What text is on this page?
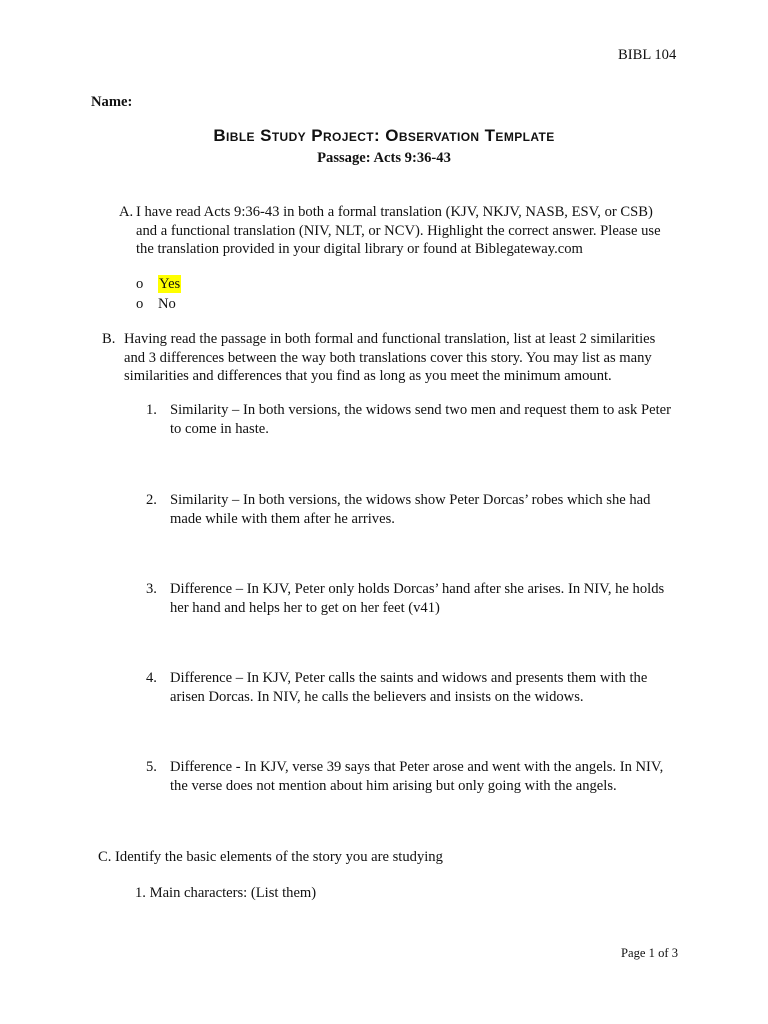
BIBL 104
Name:
Bible Study Project: Observation Template
Passage: Acts 9:36-43
A. I have read Acts 9:36-43 in both a formal translation (KJV, NKJV, NASB, ESV, or CSB) and a functional translation (NIV, NLT, or NCV). Highlight the correct answer. Please use the translation provided in your digital library or found at Biblegateway.com
o	Yes
o	No
B. Having read the passage in both formal and functional translation, list at least 2 similarities and 3 differences between the way both translations cover this story. You may list as many similarities and differences that you find as long as you meet the minimum amount.
1. Similarity – In both versions, the widows send two men and request them to ask Peter to come in haste.
2. Similarity – In both versions, the widows show Peter Dorcas’ robes which she had made while with them after he arrives.
3. Difference – In KJV, Peter only holds Dorcas’ hand after she arises. In NIV, he holds her hand and helps her to get on her feet (v41)
4. Difference – In KJV, Peter calls the saints and widows and presents them with the arisen Dorcas. In NIV, he calls the believers and insists on the widows.
5. Difference - In KJV, verse 39 says that Peter arose and went with the angels. In NIV, the verse does not mention about him arising but only going with the angels.
C. Identify the basic elements of the story you are studying
1. Main characters: (List them)
Page 1 of 3
